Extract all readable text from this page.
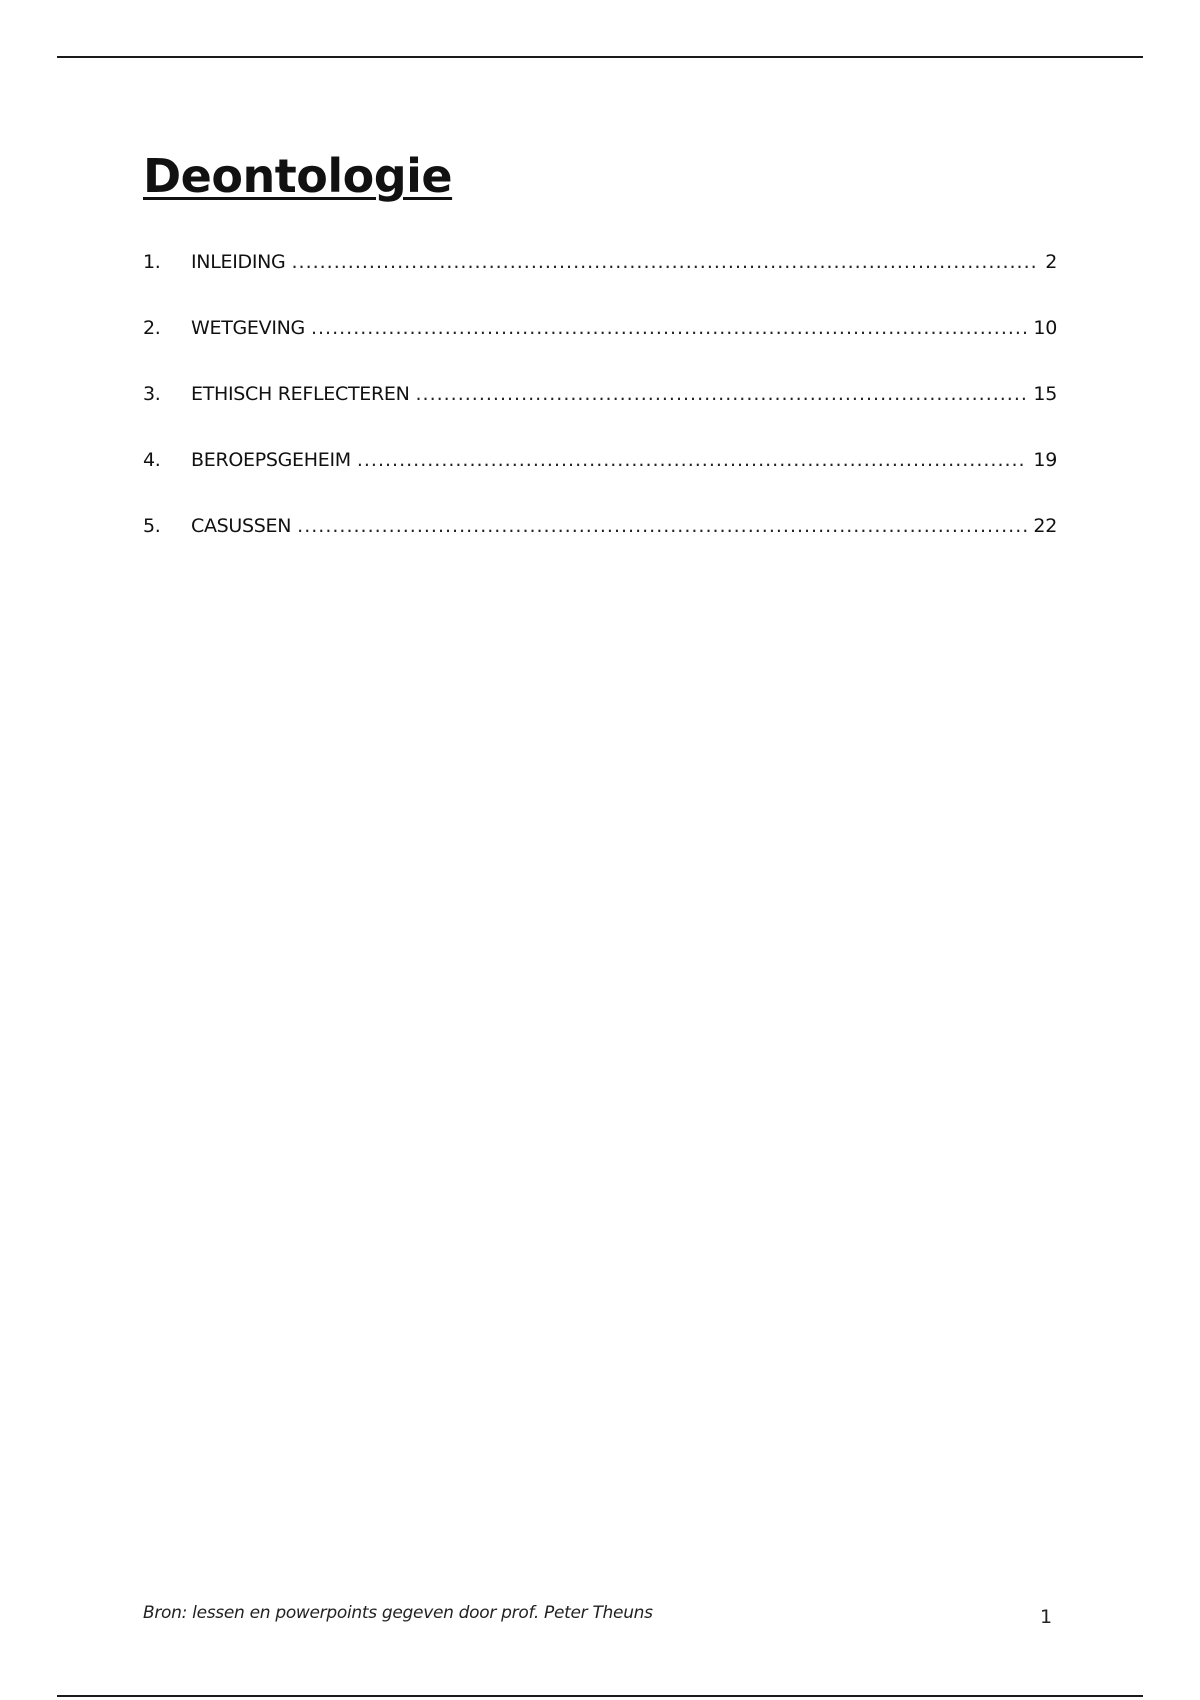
Deontologie
1.	INLEIDING .....	2
2.	WETGEVING .....	10
3.	ETHISCH REFLECTEREN .....	15
4.	BEROEPSGEHEIM .....	19
5.	CASUSSEN .....	22
Bron: lessen en powerpoints gegeven door prof. Peter Theuns	1
